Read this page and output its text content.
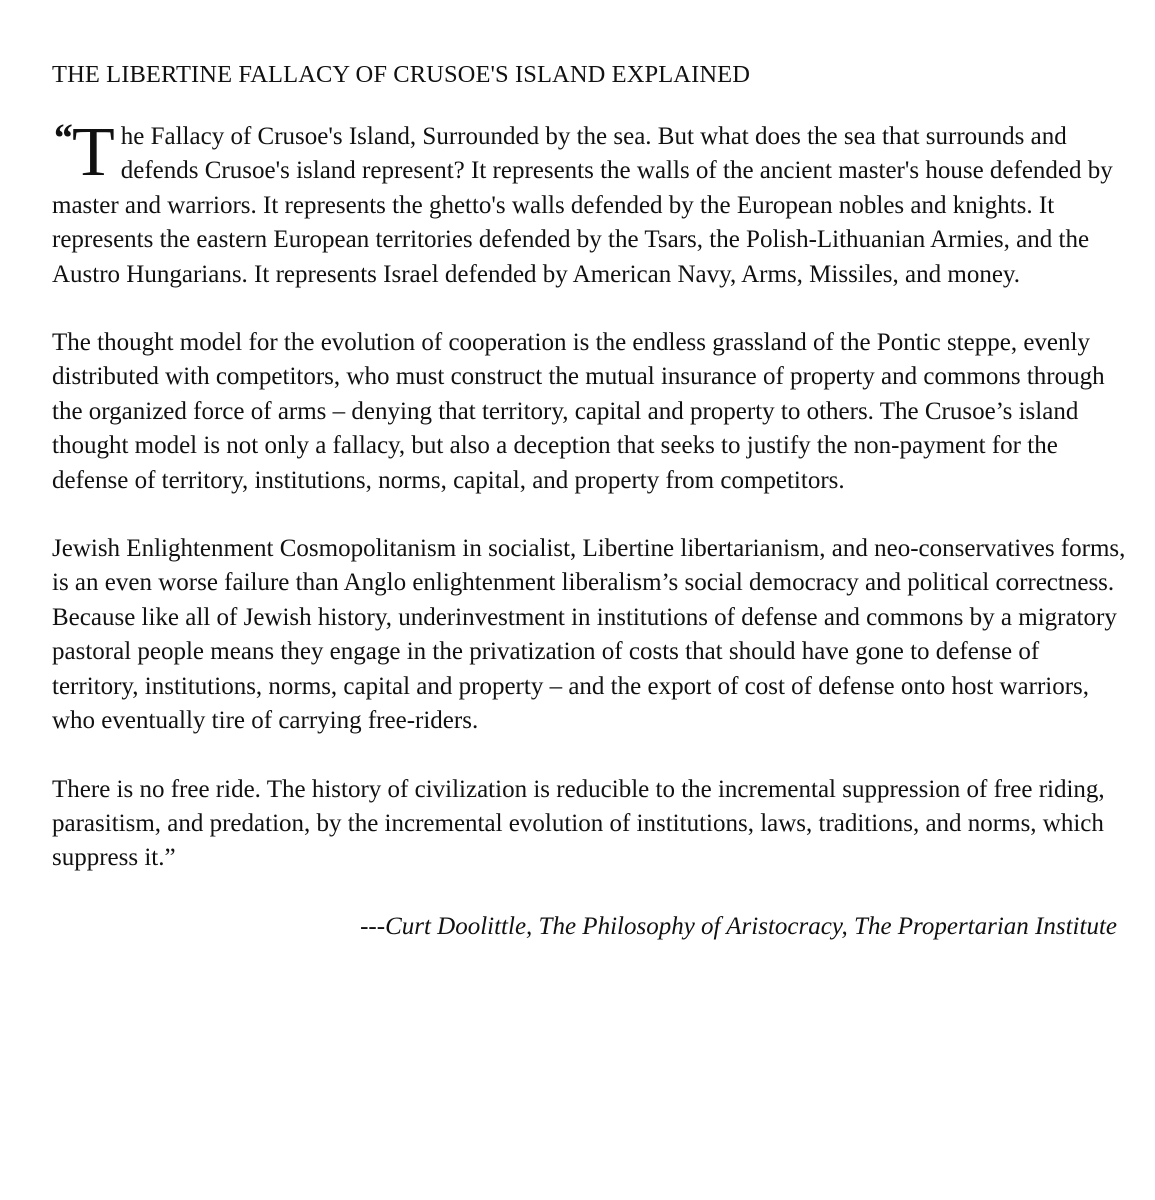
THE LIBERTINE FALLACY OF CRUSOE'S ISLAND EXPLAINED
“ T he Fallacy of Crusoe's Island, Surrounded by the sea. But what does the sea that surrounds and defends Crusoe's island represent? It represents the walls of the ancient master's house defended by master and warriors. It represents the ghetto's walls defended by the European nobles and knights. It represents the eastern European territories defended by the Tsars, the Polish-Lithuanian Armies, and the Austro Hungarians. It represents Israel defended by American Navy, Arms, Missiles, and money.
The thought model for the evolution of cooperation is the endless grassland of the Pontic steppe, evenly distributed with competitors, who must construct the mutual insurance of property and commons through the organized force of arms – denying that territory, capital and property to others. The Crusoe’s island thought model is not only a fallacy, but also a deception that seeks to justify the non-payment for the defense of territory, institutions, norms, capital, and property from competitors.
Jewish Enlightenment Cosmopolitanism in socialist, Libertine libertarianism, and neo-conservatives forms, is an even worse failure than Anglo enlightenment liberalism’s social democracy and political correctness. Because like all of Jewish history, underinvestment in institutions of defense and commons by a migratory pastoral people means they engage in the privatization of costs that should have gone to defense of territory, institutions, norms, capital and property – and the export of cost of defense onto host warriors, who eventually tire of carrying free-riders.
There is no free ride. The history of civilization is reducible to the incremental suppression of free riding, parasitism, and predation, by the incremental evolution of institutions, laws, traditions, and norms, which suppress it.”
---Curt Doolittle, The Philosophy of Aristocracy, The Propertarian Institute
